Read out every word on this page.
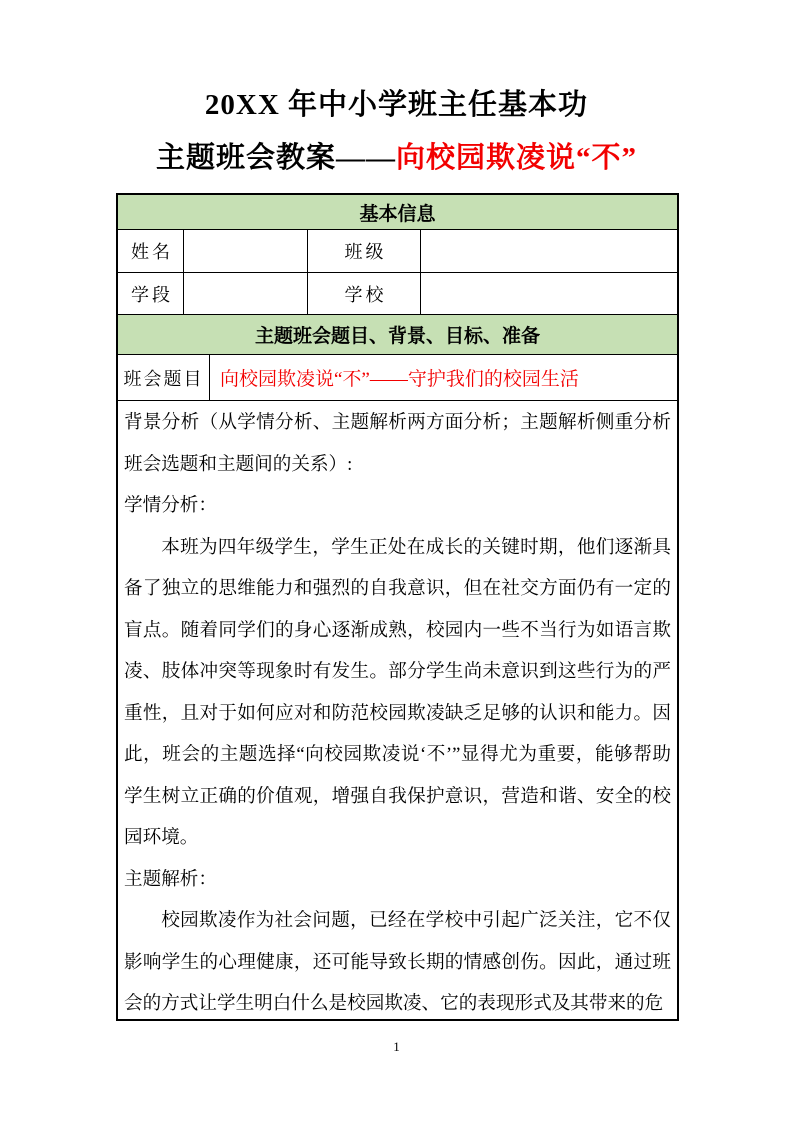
20XX 年中小学班主任基本功
主题班会教案——向校园欺凌说“不”
基本信息
姓名	班级
学段	学校
主题班会题目、背景、目标、准备
班会题目 向校园欺凌说“不”——守护我们的校园生活

背景分析（从学情分析、主题解析两方面分析；主题解析侧重分析班会选题和主题间的关系）:

学情分析：

本班为四年级学生，学生正处在成长的关键时期，他们逐渐具备了独立的思维能力和强烈的自我意识，但在社交方面仍有一定的盲点。随着同学们的身心逐渐成熟，校园内一些不当行为如语言欺凌、肢体冲突等现象时有发生。部分学生尚未意识到这些行为的严重性，且对于如何应对和防范校园欺凌缺乏足够的认识和能力。因此，班会的主题选择“向校园欺凌说‘不’”显得尤为重要，能够帮助学生树立正确的价值观，增强自我保护意识，营造和谐、安全的校园环境。

主题解析：

校园欺凌作为社会问题，已经在学校中引起广泛关注，它不仅影响学生的心理健康，还可能导致长期的情感创伤。因此，通过班会的方式让学生明白什么是校园欺凌、它的表现形式及其带来的危

1
